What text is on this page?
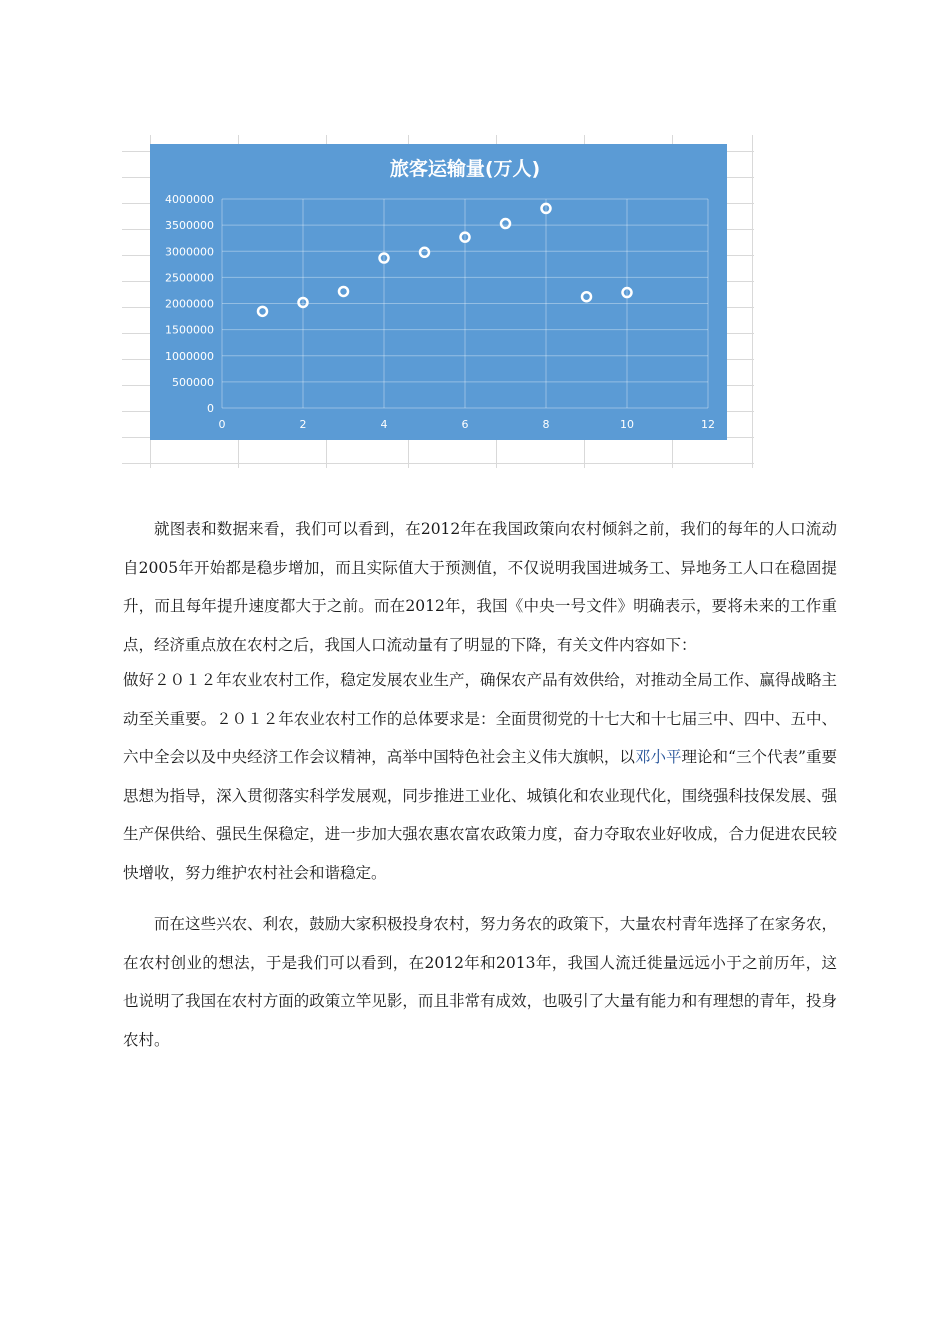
旅客运输量(万人)
0
500000
1000000
1500000
2000000
2500000
3000000
3500000
4000000
0	2	4	6	8	10	12

就图表和数据来看，我们可以看到，在2012年在我国政策向农村倾斜之前，我们的每年的人口流动自2005年开始都是稳步增加，而且实际值大于预测值，不仅说明我国进城务工、异地务工人口在稳固提升，而且每年提升速度都大于之前。而在2012年，我国《中央一号文件》明确表示，要将未来的工作重点，经济重点放在农村之后，我国人口流动量有了明显的下降，有关文件内容如下：

做好２０１２年农业农村工作，稳定发展农业生产，确保农产品有效供给，对推动全局工作、赢得战略主动至关重要。２０１２年农业农村工作的总体要求是：全面贯彻党的十七大和十七届三中、四中、五中、六中全会以及中央经济工作会议精神，高举中国特色社会主义伟大旗帜，以邓小平理论和“三个代表”重要思想为指导，深入贯彻落实科学发展观，同步推进工业化、城镇化和农业现代化，围绕强科技保发展、强生产保供给、强民生保稳定，进一步加大强农惠农富农政策力度，奋力夺取农业好收成，合力促进农民较快增收，努力维护农村社会和谐稳定。

而在这些兴农、利农，鼓励大家积极投身农村，努力务农的政策下，大量农村青年选择了在家务农，在农村创业的想法，于是我们可以看到，在2012年和2013年，我国人流迁徙量远远小于之前历年，这也说明了我国在农村方面的政策立竿见影，而且非常有成效，也吸引了大量有能力和有理想的青年，投身农村。
